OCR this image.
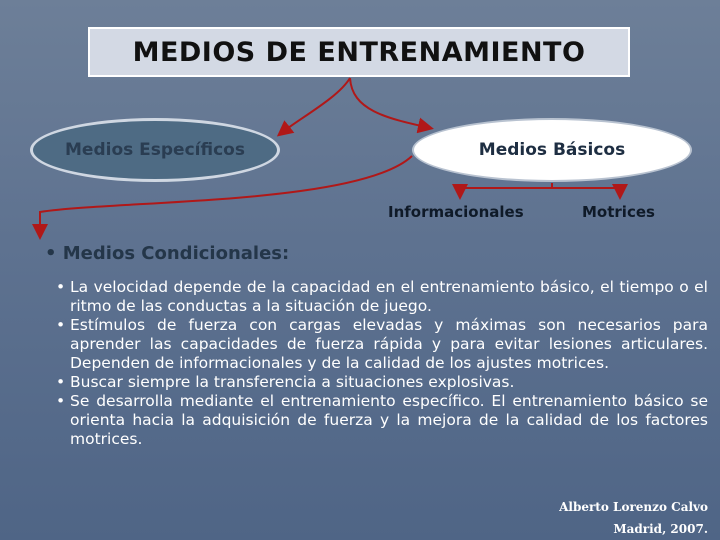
MEDIOS DE ENTRENAMIENTO
Medios Específicos	Medios Básicos
Informacionales	Motrices
• Medios Condicionales:

• La velocidad depende de la capacidad en el entrenamiento básico, el tiempo o el ritmo de las conductas a la situación de juego.

• Estímulos de fuerza con cargas elevadas y máximas son necesarios para aprender las capacidades de fuerza rápida y para evitar lesiones articulares. Dependen de informacionales y de la calidad de los ajustes motrices.

• Buscar siempre la transferencia a situaciones explosivas.

• Se desarrolla mediante el entrenamiento específico. El entrenamiento básico se orienta hacia la adquisición de fuerza y la mejora de la calidad de los factores motrices.

Alberto Lorenzo Calvo
Madrid, 2007.
